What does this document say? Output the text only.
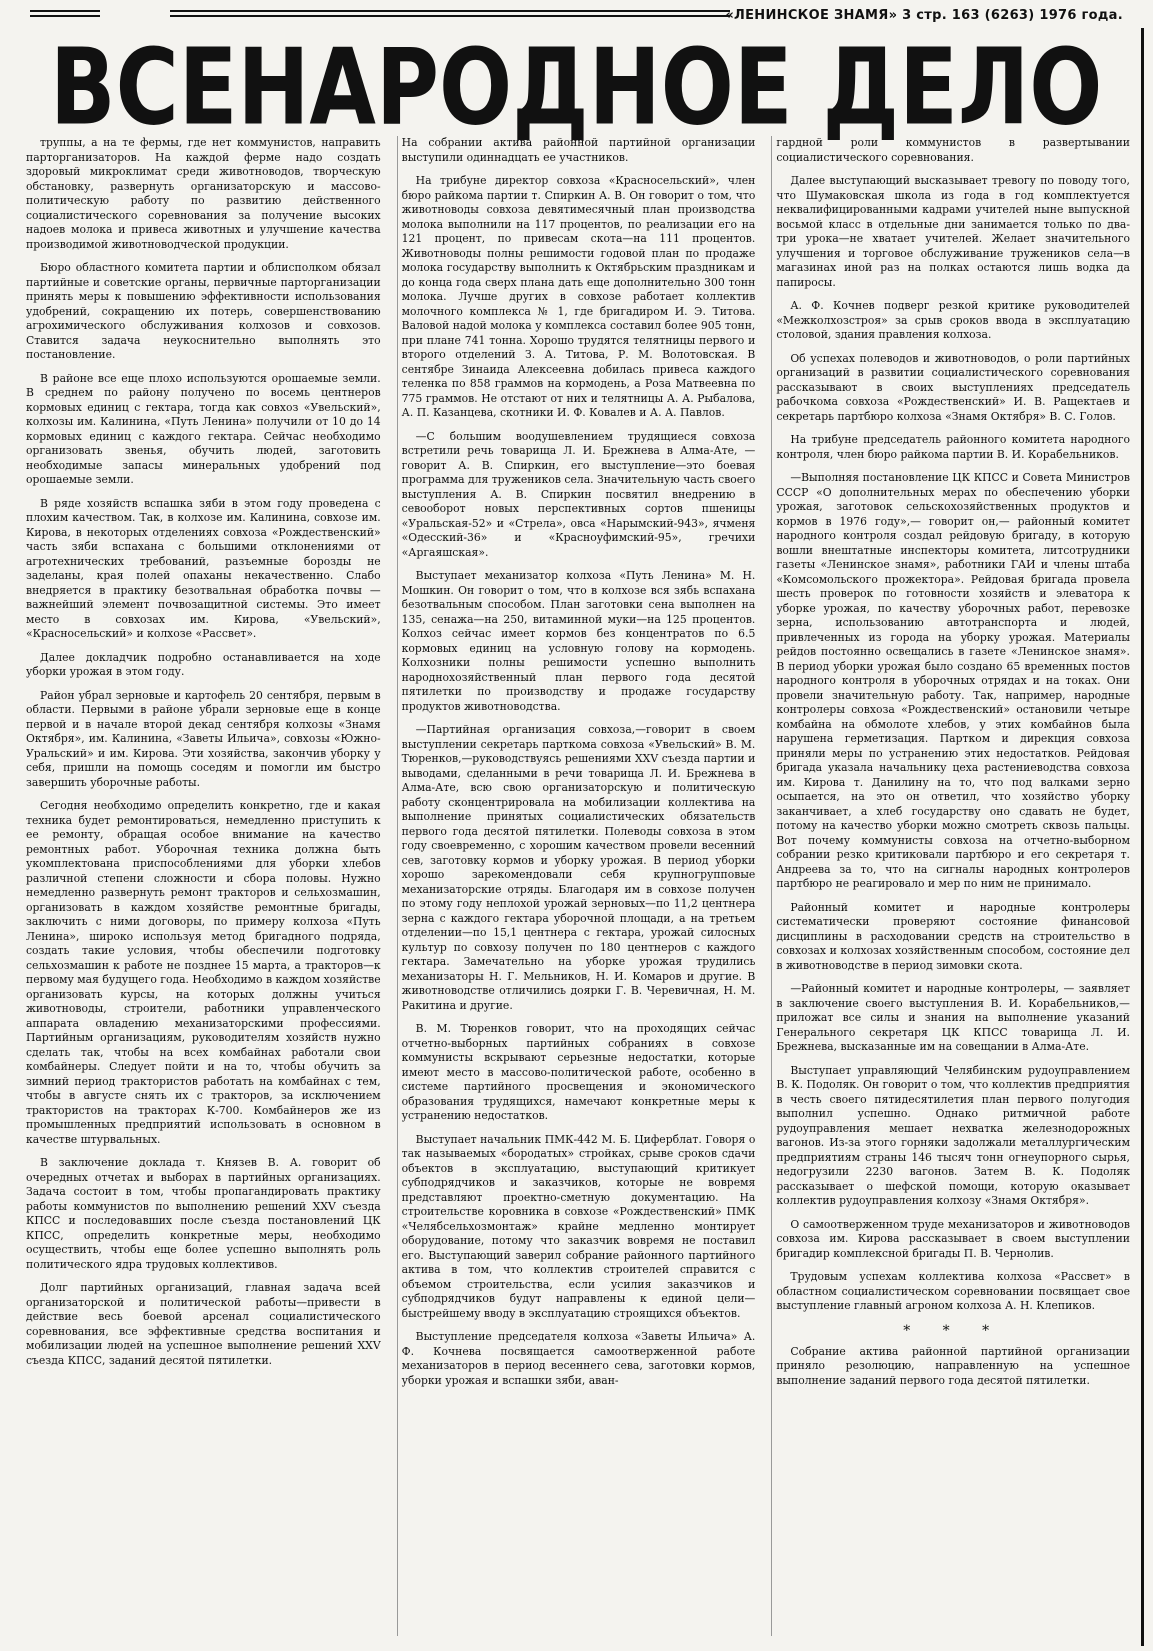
«ЛЕНИНСКОЕ ЗНАМЯ» 3 стр. 163 (6263) 1976 года.
В С Е Н А Р О Д Н О Е
Д Е Л О

труппы, а на те фермы, где нет коммунистов, направить парторганизаторов. На каждой ферме надо создать здоровый микроклимат среди животноводов, творческую обстановку, развернуть организаторскую и массово-политическую работу по развитию действенного социалистического соревнования за получение высоких надоев молока и привеса животных и улучшение качества производимой животноводческой продукции.

Бюро областного комитета партии и облисполком обязал партийные и советские органы, первичные парторганизации принять меры к повышению эффективности использования удобрений, сокращению их потерь, совершенствованию агрохимического обслуживания колхозов и совхозов. Ставится задача неукоснительно выполнять это постановление.

В районе все еще плохо используются орошаемые земли. В среднем по району получено по восемь центнеров кормовых единиц с гектара, тогда как совхоз «Увельский», колхозы им. Калинина, «Путь Ленина» получили от 10 до 14 кормовых единиц с каждого гектара. Сейчас необходимо организовать звенья, обучить людей, заготовить необходимые запасы минеральных удобрений под орошаемые земли.

В ряде хозяйств вспашка зяби в этом году проведена с плохим качеством. Так, в колхозе им. Калинина, совхозе им. Кирова, в некоторых отделениях совхоза «Рождественский» часть зяби вспахана с большими отклонениями от агротехнических требований, разъемные борозды не заделаны, края полей опаханы некачественно. Слабо внедряется в практику безотвальная обработка почвы — важнейший элемент почвозащитной системы. Это имеет место в совхозах им. Кирова, «Увельский», «Красносельский» и колхозе «Рассвет».

Далее докладчик подробно останавливается на ходе уборки урожая в этом году.

Район убрал зерновые и картофель 20 сентября, первым в области. Первыми в районе убрали зерновые еще в конце первой и в начале второй декад сентября колхозы «Знамя Октября», им. Калинина, «Заветы Ильича», совхозы «Южно-Уральский» и им. Кирова. Эти хозяйства, закончив уборку у себя, пришли на помощь соседям и помогли им быстро завершить уборочные работы.

Сегодня необходимо определить конкретно, где и какая техника будет ремонтироваться, немедленно приступить к ее ремонту, обращая особое внимание на качество ремонтных работ. Уборочная техника должна быть укомплектована приспособлениями для уборки хлебов различной степени сложности и сбора половы. Нужно немедленно развернуть ремонт тракторов и сельхозмашин, организовать в каждом хозяйстве ремонтные бригады, заключить с ними договоры, по примеру колхоза «Путь Ленина», широко используя метод бригадного подряда, создать такие условия, чтобы обеспечили подготовку сельхозмашин к работе не позднее 15 марта, а тракторов—к первому мая будущего года. Необходимо в каждом хозяйстве организовать курсы, на которых должны учиться животноводы, строители, работники управленческого аппарата овладению механизаторскими профессиями. Партийным организациям, руководителям хозяйств нужно сделать так, чтобы на всех комбайнах работали свои комбайнеры. Следует пойти и на то, чтобы обучить за зимний период трактористов работать на комбайнах с тем, чтобы в августе снять их с тракторов, за исключением трактористов на тракторах К-700. Комбайнеров же из промышленных предприятий использовать в основном в качестве штурвальных.

В заключение доклада т. Князев В. А. говорит об очередных отчетах и выборах в партийных организациях. Задача состоит в том, чтобы пропагандировать практику работы коммунистов по выполнению решений XXV съезда КПСС и последовавших после съезда постановлений ЦК КПСС, определить конкретные меры, необходимо осуществить, чтобы еще более успешно выполнять роль политического ядра трудовых коллективов.

Долг партийных организаций, главная задача всей организаторской и политической работы—привести в действие весь боевой арсенал социалистического соревнования, все эффективные средства воспитания и мобилизации людей на успешное выполнение решений XXV съезда КПСС, заданий десятой пятилетки.

На собрании актива районной партийной организации выступили одиннадцать ее участников.

На трибуне директор совхоза «Красносельский», член бюро райкома партии т. Спиркин А. В. Он говорит о том, что животноводы совхоза девятимесячный план производства молока выполнили на 117 процентов, по реализации его на 121 процент, по привесам скота—на 111 процентов. Животноводы полны решимости годовой план по продаже молока государству выполнить к Октябрьским праздникам и до конца года сверх плана дать еще дополнительно 300 тонн молока. Лучше других в совхозе работает коллектив молочного комплекса № 1, где бригадиром И. Э. Титова. Валовой надой молока у комплекса составил более 905 тонн, при плане 741 тонна. Хорошо трудятся телятницы первого и второго отделений З. А. Титова, Р. М. Волотовская. В сентябре Зинаида Алексеевна добилась привеса каждого теленка по 858 граммов на кормодень, а Роза Матвеевна по 775 граммов. Не отстают от них и телятницы А. А. Рыбалова, А. П. Казанцева, скотники И. Ф. Ковалев и А. А. Павлов.

—С большим воодушевлением трудящиеся совхоза встретили речь товарища Л. И. Брежнева в Алма-Ате, — говорит А. В. Спиркин, его выступление—это боевая программа для тружеников села. Значительную часть своего выступления А. В. Спиркин посвятил внедрению в севооборот новых перспективных сортов пшеницы «Уральская-52» и «Стрела», овса «Нарымский-943», ячменя «Одесский-36» и «Красноуфимский-95», гречихи «Аргаяшская».

Выступает механизатор колхоза «Путь Ленина» М. Н. Мошкин. Он говорит о том, что в колхозе вся зябь вспахана безотвальным способом. План заготовки сена выполнен на 135, сенажа—на 250, витаминной муки—на 125 процентов. Колхоз сейчас имеет кормов без концентратов по 6.5 кормовых единиц на условную голову на кормодень. Колхозники полны решимости успешно выполнить народнохозяйственный план первого года десятой пятилетки по производству и продаже государству продуктов животноводства.

—Партийная организация совхоза,—говорит в своем выступлении секретарь парткома совхоза «Увельский» В. М. Тюренков,—руководствуясь решениями XXV съезда партии и выводами, сделанными в речи товарища Л. И. Брежнева в Алма-Ате, всю свою организаторскую и политическую работу сконцентрировала на мобилизации коллектива на выполнение принятых социалистических обязательств первого года десятой пятилетки. Полеводы совхоза в этом году своевременно, с хорошим качеством провели весенний сев, заготовку кормов и уборку урожая. В период уборки хорошо зарекомендовали себя крупногрупповые механизаторские отряды. Благодаря им в совхозе получен по этому году неплохой урожай зерновых—по 11,2 центнера зерна с каждого гектара уборочной площади, а на третьем отделении—по 15,1 центнера с гектара, урожай силосных культур по совхозу получен по 180 центнеров с каждого гектара. Замечательно на уборке урожая трудились механизаторы Н. Г. Мельников, Н. И. Комаров и другие. В животноводстве отличились доярки Г. В. Черевичная, Н. М. Ракитина и другие.

В. М. Тюренков говорит, что на проходящих сейчас отчетно-выборных партийных собраниях в совхозе коммунисты вскрывают серьезные недостатки, которые имеют место в массово-политической работе, особенно в системе партийного просвещения и экономического образования трудящихся, намечают конкретные меры к устранению недостатков.

Выступает начальник ПМК-442 М. Б. Циферблат. Говоря о так называемых «бородатых» стройках, срыве сроков сдачи объектов в эксплуатацию, выступающий критикует субподрядчиков и заказчиков, которые не вовремя представляют проектно-сметную документацию. На строительстве коровника в совхозе «Рождественский» ПМК «Челябсельхозмонтаж» крайне медленно монтирует оборудование, потому что заказчик вовремя не поставил его. Выступающий заверил собрание районного партийного актива в том, что коллектив строителей справится с объемом строительства, если усилия заказчиков и субподрядчиков будут направлены к единой цели—быстрейшему вводу в эксплуатацию строящихся объектов.

Выступление председателя колхоза «Заветы Ильича» А. Ф. Кочнева посвящается самоотверженной работе механизаторов в период весеннего сева, заготовки кормов, уборки урожая и вспашки зяби, аван-

гардной роли коммунистов в развертывании социалистического соревнования.

Далее выступающий высказывает тревогу по поводу того, что Шумаковская школа из года в год комплектуется неквалифицированными кадрами учителей ныне выпускной восьмой класс в отдельные дни занимается только по два-три урока—не хватает учителей. Желает значительного улучшения и торговое обслуживание тружеников села—в магазинах иной раз на полках остаются лишь водка да папиросы.

А. Ф. Кочнев подверг резкой критике руководителей «Межколхозстроя» за срыв сроков ввода в эксплуатацию столовой, здания правления колхоза.

Об успехах полеводов и животноводов, о роли партийных организаций в развитии социалистического соревнования рассказывают в своих выступлениях председатель рабочкома совхоза «Рождественский» И. В. Ращектаев и секретарь партбюро колхоза «Знамя Октября» В. С. Голов.

На трибуне председатель районного комитета народного контроля, член бюро райкома партии В. И. Корабельников.

—Выполняя постановление ЦК КПСС и Совета Министров СССР «О дополнительных мерах по обеспечению уборки урожая, заготовок сельскохозяйственных продуктов и кормов в 1976 году»,— говорит он,— районный комитет народного контроля создал рейдовую бригаду, в которую вошли внештатные инспекторы комитета, литсотрудники газеты «Ленинское знамя», работники ГАИ и члены штаба «Комсомольского прожектора». Рейдовая бригада провела шесть проверок по готовности хозяйств и элеватора к уборке урожая, по качеству уборочных работ, перевозке зерна, использованию автотранспорта и людей, привлеченных из города на уборку урожая. Материалы рейдов постоянно освещались в газете «Ленинское знамя». В период уборки урожая было создано 65 временных постов народного контроля в уборочных отрядах и на токах. Они провели значительную работу. Так, например, народные контролеры совхоза «Рождественский» остановили четыре комбайна на обмолоте хлебов, у этих комбайнов была нарушена герметизация. Партком и дирекция совхоза приняли меры по устранению этих недостатков. Рейдовая бригада указала начальнику цеха растениеводства совхоза им. Кирова т. Данилину на то, что под валками зерно осыпается, на это он ответил, что хозяйство уборку заканчивает, а хлеб государству оно сдавать не будет, потому на качество уборки можно смотреть сквозь пальцы. Вот почему коммунисты совхоза на отчетно-выборном собрании резко критиковали партбюро и его секретаря т. Андреева за то, что на сигналы народных контролеров партбюро не реагировало и мер по ним не принимало.

Районный комитет и народные контролеры систематически проверяют состояние финансовой дисциплины в расходовании средств на строительство в совхозах и колхозах хозяйственным способом, состояние дел в животноводстве в период зимовки скота.

—Районный комитет и народные контролеры, — заявляет в заключение своего выступления В. И. Корабельников,—приложат все силы и знания на выполнение указаний Генерального секретаря ЦК КПСС товарища Л. И. Брежнева, высказанные им на совещании в Алма-Ате.

Выступает управляющий Челябинским рудоуправлением В. К. Подоляк. Он говорит о том, что коллектив предприятия в честь своего пятидесятилетия план первого полугодия выполнил успешно. Однако ритмичной работе рудоуправления мешает нехватка железнодорожных вагонов. Из-за этого горняки задолжали металлургическим предприятиям страны 146 тысяч тонн огнеупорного сырья, недогрузили 2230 вагонов. Затем В. К. Подоляк рассказывает о шефской помощи, которую оказывает коллектив рудоуправления колхозу «Знамя Октября».

О самоотверженном труде механизаторов и животноводов совхоза им. Кирова рассказывает в своем выступлении бригадир комплексной бригады П. В. Чернолив.

Трудовым успехам коллектива колхоза «Рассвет» в областном социалистическом соревновании посвящает свое выступление главный агроном колхоза А. Н. Клепиков.

* * *

Собрание актива районной партийной организации приняло резолюцию, направленную на успешное выполнение заданий первого года десятой пятилетки.
